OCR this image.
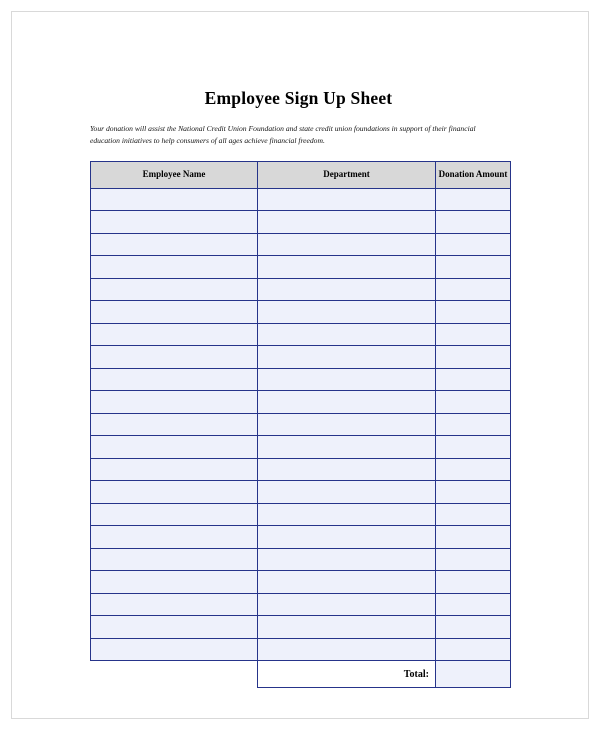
Employee Sign Up Sheet

Your donation will assist the National Credit Union Foundation and state credit union foundations in support of their financial education initiatives to help consumers of all ages achieve financial freedom.

Employee Name	Department	Donation Amount

	Total:	
